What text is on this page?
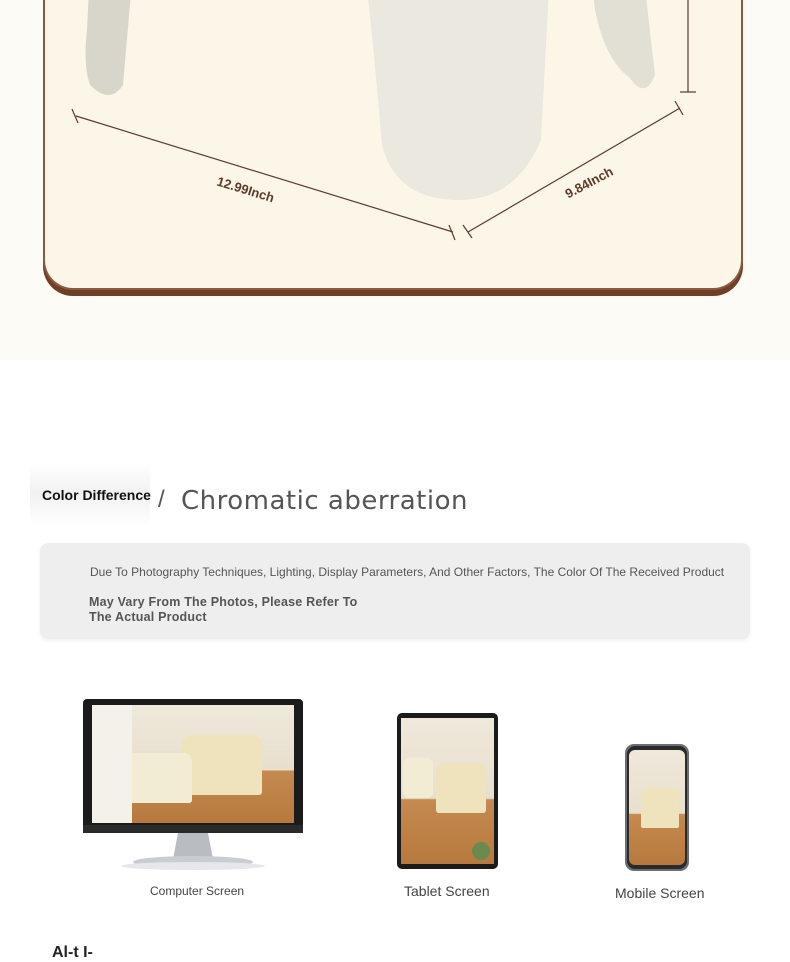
12.99Inch	9.84Inch
Color Difference / Chromatic aberration
Due To Photography Techniques, Lighting, Display Parameters, And Other Factors, The Color Of The Received Product
May Vary From The Photos, Please Refer To The Actual Product
Computer Screen	Tablet Screen	Mobile Screen
Al-t I-
